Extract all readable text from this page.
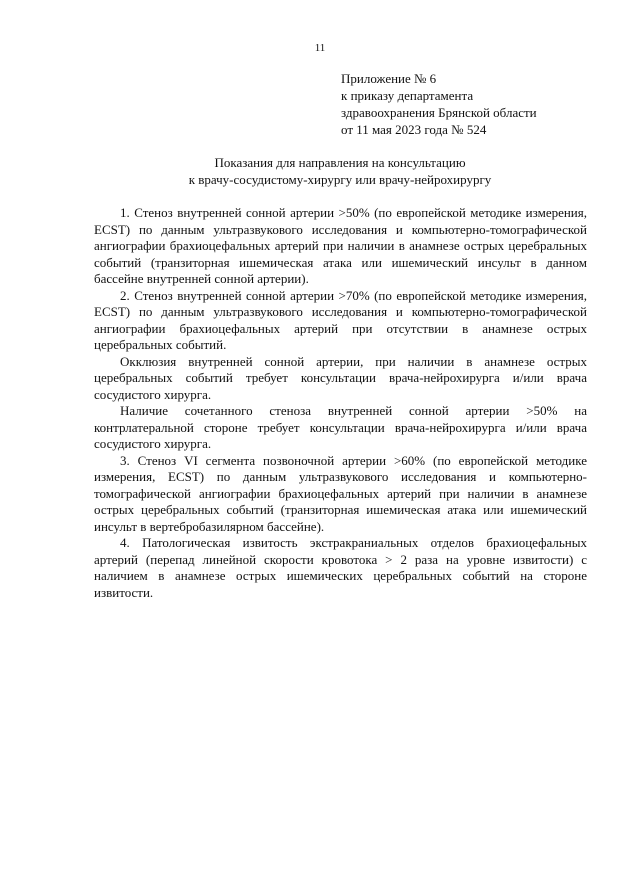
11
Приложение № 6
к приказу департамента
здравоохранения Брянской области
от 11 мая 2023 года № 524
Показания для направления на консультацию
к врачу-сосудистому-хирургу или врачу-нейрохирургу

1. Стеноз внутренней сонной артерии >50% (по европейской методике измерения, ECST) по данным ультразвукового исследования и компьютерно-томографической ангиографии брахиоцефальных артерий при наличии в анамнезе острых церебральных событий (транзиторная ишемическая атака или ишемический инсульт в данном бассейне внутренней сонной артерии).

2. Стеноз внутренней сонной артерии >70% (по европейской методике измерения, ECST) по данным ультразвукового исследования и компьютерно-томографической ангиографии брахиоцефальных артерий при отсутствии в анамнезе острых церебральных событий.

Окклюзия внутренней сонной артерии, при наличии в анамнезе острых церебральных событий требует консультации врача-нейрохирурга и/или врача сосудистого хирурга.

Наличие сочетанного стеноза внутренней сонной артерии >50% на контрлатеральной стороне требует консультации врача-нейрохирурга и/или врача сосудистого хирурга.

3. Стеноз VI сегмента позвоночной артерии >60% (по европейской методике измерения, ECST) по данным ультразвукового исследования и компьютерно-томографической ангиографии брахиоцефальных артерий при наличии в анамнезе острых церебральных событий (транзиторная ишемическая атака или ишемический инсульт в вертебробазилярном бассейне).

4. Патологическая извитость экстракраниальных отделов брахиоцефальных артерий (перепад линейной скорости кровотока > 2 раза на уровне извитости) с наличием в анамнезе острых ишемических церебральных событий на стороне извитости.
